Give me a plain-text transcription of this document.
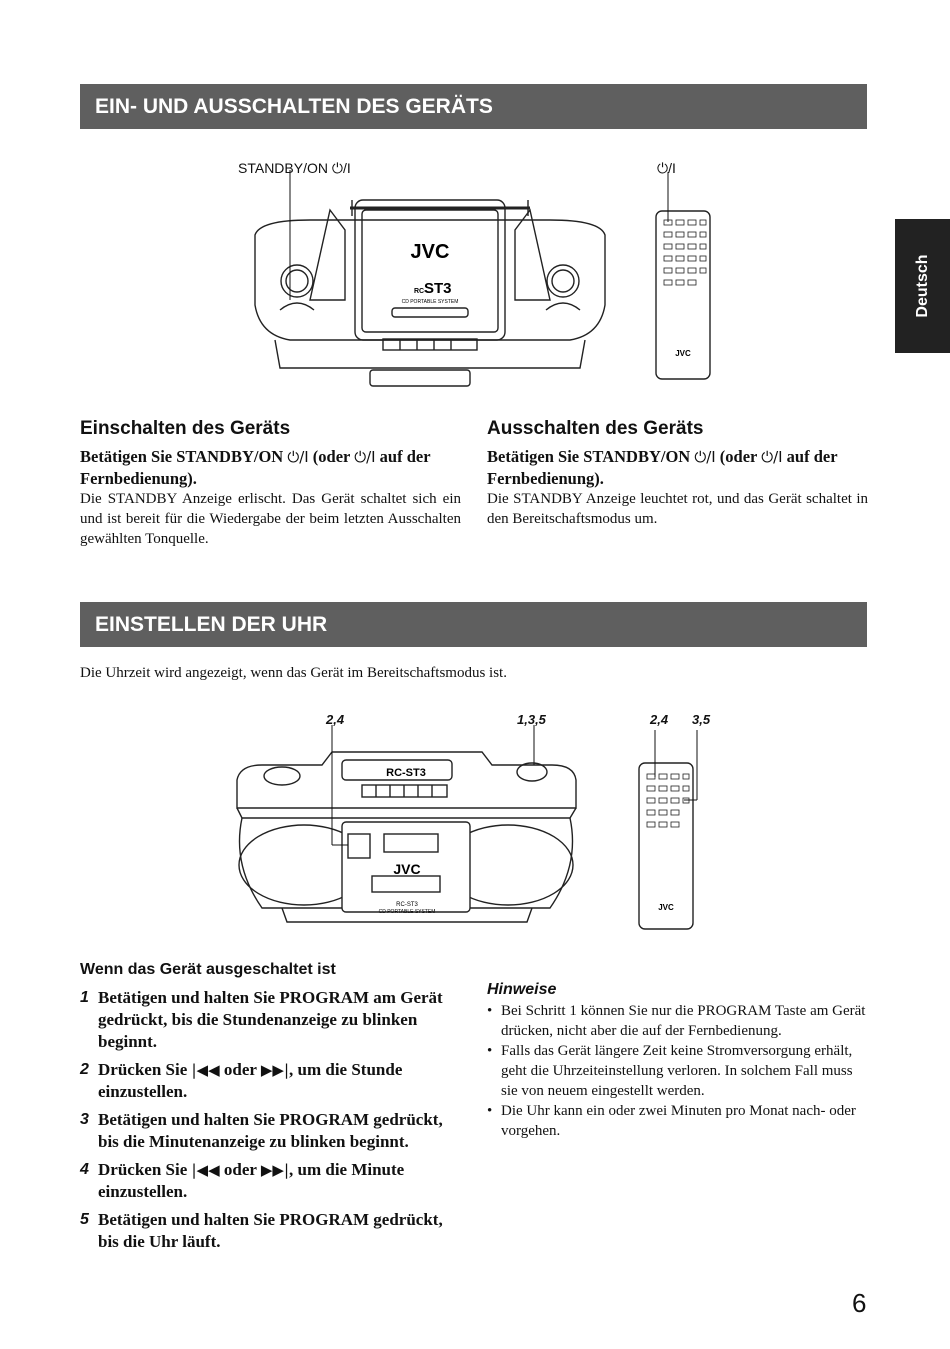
Deutsch
EIN- UND AUSSCHALTEN DES GERÄTS
STANDBY/ON ⏻/I	⏻/I
JVC
RC-
ST3
CD PORTABLE SYSTEM
JVC
Einschalten des Geräts

Betätigen Sie STANDBY/ON ⏻/I (oder ⏻/I auf der Fernbedienung).

Die STANDBY Anzeige erlischt. Das Gerät schaltet sich ein und ist bereit für die Wiedergabe der beim letzten Ausschalten gewählten Tonquelle.

Ausschalten des Geräts

Betätigen Sie STANDBY/ON ⏻/I (oder ⏻/I auf der Fernbedienung).

Die STANDBY Anzeige leuchtet rot, und das Gerät schaltet in den Bereitschaftsmodus um.

EINSTELLEN DER UHR

Die Uhrzeit wird angezeigt, wenn das Gerät im Bereitschaftsmodus ist.

2,4	1,3,5	2,4 3,5
RC-ST3
JVC
RC-ST3
CD PORTABLE SYSTEM	JVC
Wenn das Gerät ausgeschaltet ist
1 Betätigen und halten Sie PROGRAM am Gerät gedrückt, bis die Stundenanzeige zu blinken beginnt.
2 Drücken Sie |◀◀ oder ▶▶|, um die Stunde einzustellen.
3 Betätigen und halten Sie PROGRAM gedrückt, bis die Minutenanzeige zu blinken beginnt.
4 Drücken Sie |◀◀ oder ▶▶|, um die Minute einzustellen.
5 Betätigen und halten Sie PROGRAM gedrückt, bis die Uhr läuft.

Hinweise

• Bei Schritt 1 können Sie nur die PROGRAM Taste am Gerät drücken, nicht aber die auf der Fernbedienung.
• Falls das Gerät längere Zeit keine Stromversorgung erhält, geht die Uhrzeiteinstellung verloren. In solchem Fall muss sie von neuem eingestellt werden.
• Die Uhr kann ein oder zwei Minuten pro Monat nach- oder vorgehen.
6
